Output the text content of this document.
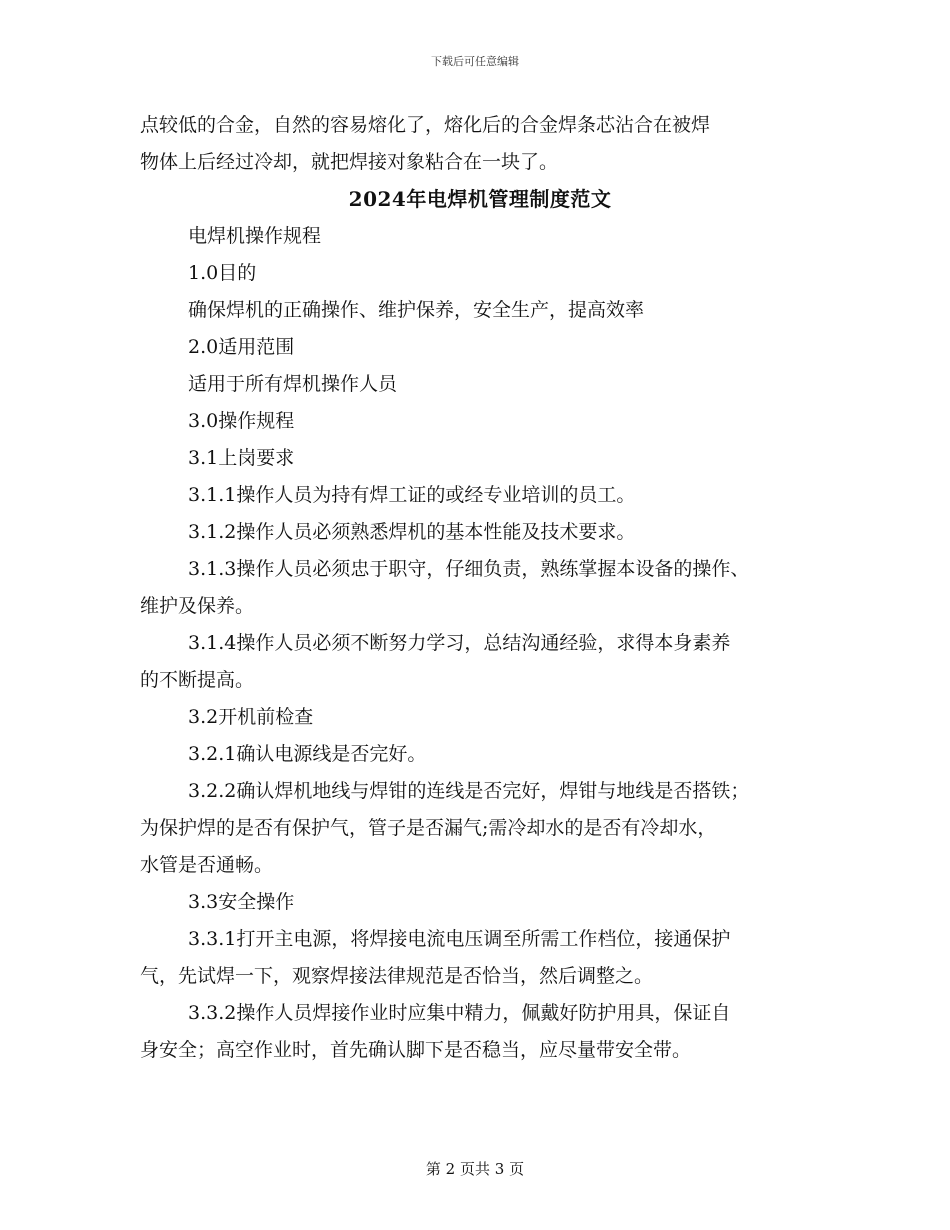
下载后可任意编辑
点较低的合金，自然的容易熔化了，熔化后的合金焊条芯沾合在被焊
物体上后经过冷却，就把焊接对象粘合在一块了。
2024年电焊机管理制度范文
电焊机操作规程
1.0目的
确保焊机的正确操作、维护保养，安全生产，提高效率
2.0适用范围
适用于所有焊机操作人员
3.0操作规程
3.1上岗要求
3.1.1操作人员为持有焊工证的或经专业培训的员工。
3.1.2操作人员必须熟悉焊机的基本性能及技术要求。
3.1.3操作人员必须忠于职守，仔细负责，熟练掌握本设备的操作、
维护及保养。
3.1.4操作人员必须不断努力学习，总结沟通经验，求得本身素养
的不断提高。
3.2开机前检查
3.2.1确认电源线是否完好。
3.2.2确认焊机地线与焊钳的连线是否完好，焊钳与地线是否搭铁；
为保护焊的是否有保护气，管子是否漏气;需冷却水的是否有冷却水，
水管是否通畅。
3.3安全操作
3.3.1打开主电源，将焊接电流电压调至所需工作档位，接通保护
气，先试焊一下，观察焊接法律规范是否恰当，然后调整之。
3.3.2操作人员焊接作业时应集中精力，佩戴好防护用具，保证自
身安全；高空作业时，首先确认脚下是否稳当，应尽量带安全带。
第 2 页共 3 页
